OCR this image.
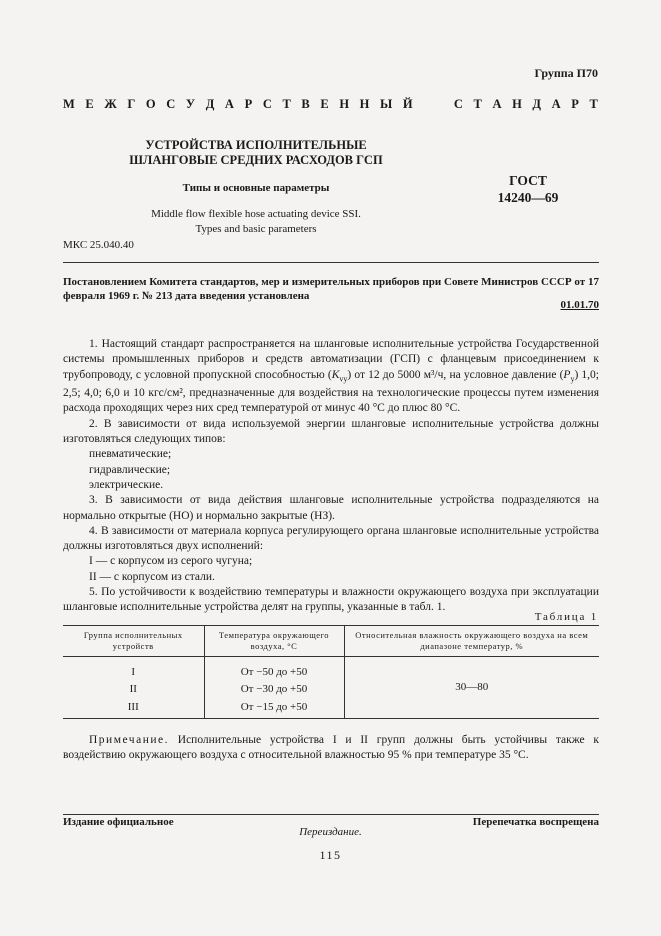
Группа П70
М Е Ж Г О С У Д А Р С Т В Е Н Н Ы Й	С Т А Н Д А Р Т
УСТРОЙСТВА ИСПОЛНИТЕЛЬНЫЕ
ШЛАНГОВЫЕ СРЕДНИХ РАСХОДОВ ГСП
Типы и основные параметры
Middle flow flexible hose actuating device SSI.
Types and basic parameters
ГОСТ
14240—69
МКС 25.040.40
Постановлением Комитета стандартов, мер и измерительных приборов при Совете Министров СССР от 17 февраля 1969 г. № 213 дата введения установлена
01.01.70

1. Настоящий стандарт распространяется на шланговые исполнительные устройства Государственной системы промышленных приборов и средств автоматизации (ГСП) с фланцевым присоединением к трубопроводу, с условной пропускной способностью $(K_{vy})$ от 12 до 5000 м³/ч, на условное давление $(P_y)$ 1,0; 2,5; 4,0; 6,0 и 10 кгс/см², предназначенные для воздействия на технологические процессы путем изменения расхода проходящих через них сред температурой от минус 40 °С до плюс 80 °С.

2. В зависимости от вида используемой энергии шланговые исполнительные устройства должны изготовляться следующих типов:

пневматические;

гидравлические;

электрические.

3. В зависимости от вида действия шланговые исполнительные устройства подразделяются на нормально открытые (НО) и нормально закрытые (НЗ).

4. В зависимости от материала корпуса регулирующего органа шланговые исполнительные устройства должны изготовляться двух исполнений:

I — с корпусом из серого чугуна;

II — с корпусом из стали.

5. По устойчивости к воздействию температуры и влажности окружающего воздуха при эксплуатации шланговые исполнительные устройства делят на группы, указанные в табл. 1.

Таблица 1
Группа исполнительных устройств	Температура окружающего воздуха, °С	Относительная влажность окружающего воздуха на всем диапазоне температур, %
I	От −50 до +50	30—80
II	От −30 до +50	
III	От −15 до +50	
Примечание. Исполнительные устройства I и II групп должны быть устойчивы также к воздействию окружающего воздуха с относительной влажностью 95 % при температуре 35 °С.
Издание официальное	Перепечатка воспрещена
Переиздание.
115
